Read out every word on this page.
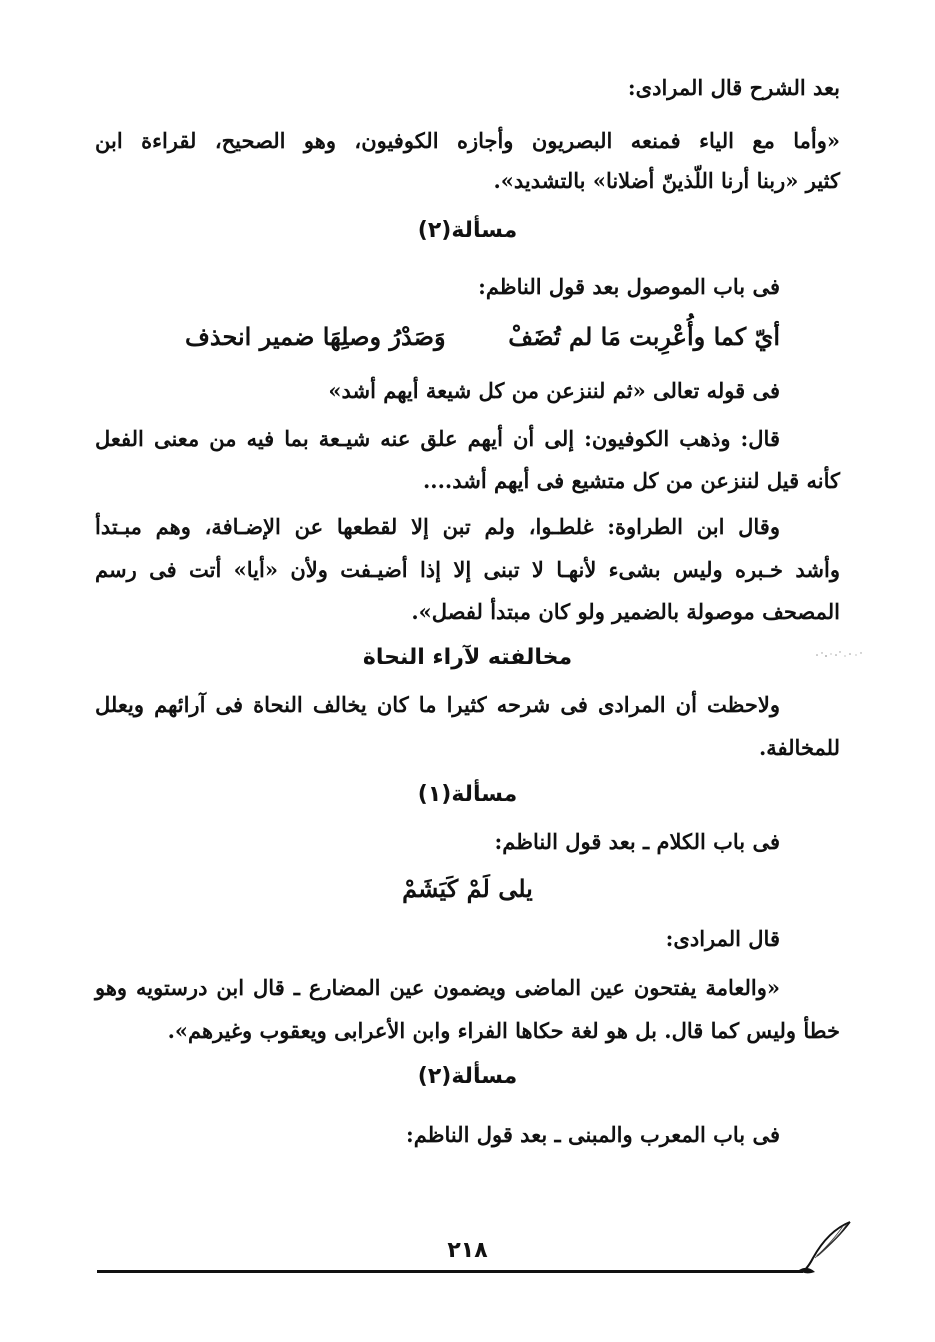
بعد الشرح قال المرادى:
«وأما مع الياء فمنعه البصريون وأجازه الكوفيون، وهو الصحيح، لقراءة ابن
كثير «ربنا أرنا اللّذينّ أضلانا» بالتشديد».
مسألة(٢)
فى باب الموصول بعد قول الناظم:
أيّ كما وأُعْرِبت مَا لم تُضَفْ
وَصَدْرُ وصلِهَا ضمير انحذف
فى قوله تعالى «ثم لننزعن من كل شيعة أيهم أشد»
قال: وذهب الكوفيون: إلى أن أيهم علق عنه شيـعة بما فيه من معنى الفعل
كأنه قيل لننزعن من كل متشيع فى أيهم أشد....
وقال ابن الطراوة: غلطـوا، ولم تبن إلا لقطعها عن الإضـافة، وهم مبـتدأ
وأشد خـبره وليس بشىء لأنهـا لا تبنى إلا إذا أضيـفت ولأن «أيا» أتت فى رسم
المصحف موصولة بالضمير ولو كان مبتدأ لفصل».
مخالفته لآراء النحاة
ولاحظت أن المرادى فى شرحه كثيرا ما كان يخالف النحاة فى آرائهم ويعلل
للمخالفة.
مسألة(١)
فى باب الكلام ـ بعد قول الناظم:
يلى لَمْ كَيَشَمْ
قال المرادى:
«والعامة يفتحون عين الماضى ويضمون عين المضارع ـ قال ابن درستويه وهو
خطأ وليس كما قال. بل هو لغة حكاها الفراء وابن الأعرابى ويعقوب وغيرهم».
مسألة(٢)
فى باب المعرب والمبنى ـ بعد قول الناظم:
٢١٨
